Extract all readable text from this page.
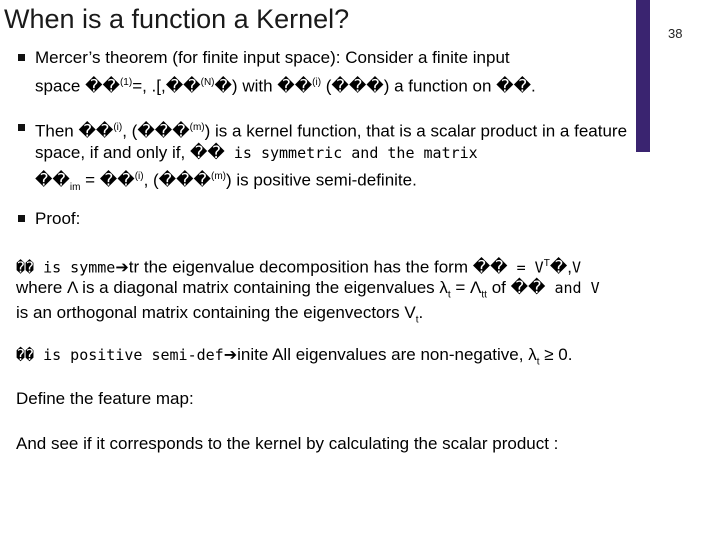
When is a function a Kernel?	38
Mercer’s theorem (for finite input space): Consider a finite input
space ��$^{(1)}$=, .[,��$^{(N)}$�) with ��$^{(i)}$ (���) a function on ��.
Then ��$^{(i)}$, (���$^{(m)}$) is a kernel function, that is a scalar product in a feature
space, if and only if, �� is symmetric and the matrix
$��_{im}$ = ��$^{(i)}$, (���$^{(m)}$) is positive semi-definite.
Proof:
�� is symme➔tr the eigenvalue decomposition has the form �� = $V^T�,V$
where Λ is a diagonal matrix containing the eigenvalues $\lambda_t = \Lambda_{tt}$ of �� and V
is an orthogonal matrix containing the eigenvectors $V_t$.
�� is positive semi-def➔inite All eigenvalues are non-negative, $\lambda_t \ge 0$.
Define the feature map:
And see if it corresponds to the kernel by calculating the scalar product :
